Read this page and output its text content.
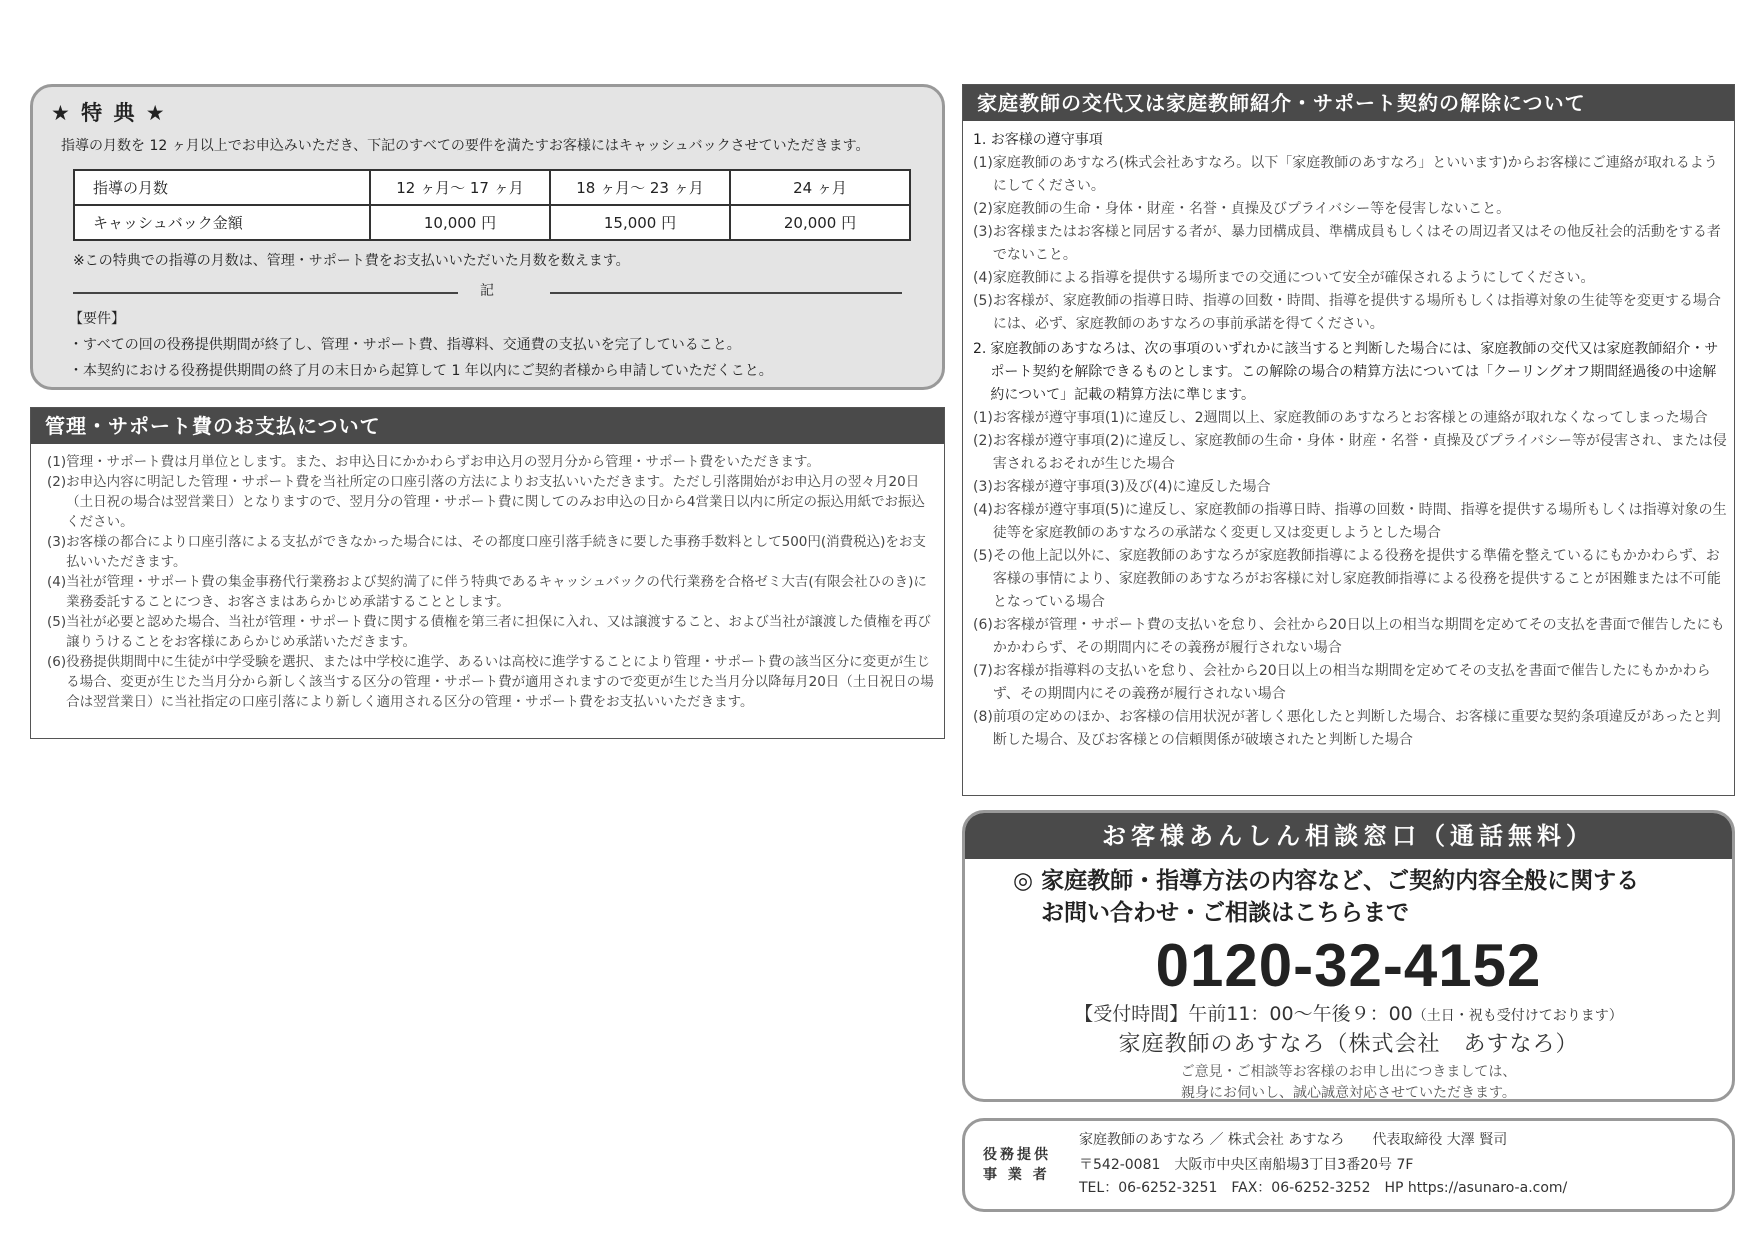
★ 特 典 ★
指導の月数を 12 ヶ月以上でお申込みいただき、下記のすべての要件を満たすお客様にはキャッシュバックさせていただきます。
指導の月数	12 ヶ月〜 17 ヶ月	18 ヶ月〜 23 ヶ月	24 ヶ月
キャッシュバック金額	10,000 円	15,000 円	20,000 円
※この特典での指導の月数は、管理・サポート費をお支払いいただいた月数を数えます。
記
【要件】
・すべての回の役務提供期間が終了し、管理・サポート費、指導料、交通費の支払いを完了していること。
・本契約における役務提供期間の終了月の末日から起算して 1 年以内にご契約者様から申請していただくこと。
管理・サポート費のお支払について
(1) 管理・サポート費は月単位とします。また、お申込日にかかわらずお申込月の翌月分から管理・サポート費をいただきます。
(2) お申込内容に明記した管理・サポート費を当社所定の口座引落の方法によりお支払いいただきます。ただし引落開始がお申込月の翌々月20日（土日祝の場合は翌営業日）となりますので、翌月分の管理・サポート費に関してのみお申込の日から4営業日以内に所定の振込用紙でお振込ください。
(3) お客様の都合により口座引落による支払ができなかった場合には、その都度口座引落手続きに要した事務手数料として500円(消費税込)をお支払いいただきます。
(4) 当社が管理・サポート費の集金事務代行業務および契約満了に伴う特典であるキャッシュバックの代行業務を合格ゼミ大吉(有限会社ひのき)に業務委託することにつき、お客さまはあらかじめ承諾することとします。
(5) 当社が必要と認めた場合、当社が管理・サポート費に関する債権を第三者に担保に入れ、又は譲渡すること、および当社が譲渡した債権を再び譲りうけることをお客様にあらかじめ承諾いただきます。
(6) 役務提供期間中に生徒が中学受験を選択、または中学校に進学、あるいは高校に進学することにより管理・サポート費の該当区分に変更が生じる場合、変更が生じた当月分から新しく該当する区分の管理・サポート費が適用されますので変更が生じた当月分以降毎月20日（土日祝日の場合は翌営業日）に当社指定の口座引落により新しく適用される区分の管理・サポート費をお支払いいただきます。
家庭教師の交代又は家庭教師紹介・サポート契約の解除について
1. お客様の遵守事項
(1) 家庭教師のあすなろ(株式会社あすなろ。以下「家庭教師のあすなろ」といいます)からお客様にご連絡が取れるようにしてください。
(2) 家庭教師の生命・身体・財産・名誉・貞操及びプライバシー等を侵害しないこと。
(3) お客様またはお客様と同居する者が、暴力団構成員、準構成員もしくはその周辺者又はその他反社会的活動をする者でないこと。
(4) 家庭教師による指導を提供する場所までの交通について安全が確保されるようにしてください。
(5) お客様が、家庭教師の指導日時、指導の回数・時間、指導を提供する場所もしくは指導対象の生徒等を変更する場合には、必ず、家庭教師のあすなろの事前承諾を得てください。
2. 家庭教師のあすなろは、次の事項のいずれかに該当すると判断した場合には、家庭教師の交代又は家庭教師紹介・サポート契約を解除できるものとします。この解除の場合の精算方法については「クーリングオフ期間経過後の中途解約について」記載の精算方法に準じます。
(1) お客様が遵守事項(1)に違反し、2週間以上、家庭教師のあすなろとお客様との連絡が取れなくなってしまった場合
(2) お客様が遵守事項(2)に違反し、家庭教師の生命・身体・財産・名誉・貞操及びプライバシー等が侵害され、または侵害されるおそれが生じた場合
(3) お客様が遵守事項(3)及び(4)に違反した場合
(4) お客様が遵守事項(5)に違反し、家庭教師の指導日時、指導の回数・時間、指導を提供する場所もしくは指導対象の生徒等を家庭教師のあすなろの承諾なく変更し又は変更しようとした場合
(5) その他上記以外に、家庭教師のあすなろが家庭教師指導による役務を提供する準備を整えているにもかかわらず、お客様の事情により、家庭教師のあすなろがお客様に対し家庭教師指導による役務を提供することが困難または不可能となっている場合
(6) お客様が管理・サポート費の支払いを怠り、会社から20日以上の相当な期間を定めてその支払を書面で催告したにもかかわらず、その期間内にその義務が履行されない場合
(7) お客様が指導料の支払いを怠り、会社から20日以上の相当な期間を定めてその支払を書面で催告したにもかかわらず、その期間内にその義務が履行されない場合
(8) 前項の定めのほか、お客様の信用状況が著しく悪化したと判断した場合、お客様に重要な契約条項違反があったと判断した場合、及びお客様との信頼関係が破壊されたと判断した場合
お客様あんしん相談窓口（通話無料）
◎ 家庭教師・指導方法の内容など、ご契約内容全般に関する
お問い合わせ・ご相談はこちらまで
0120-32-4152
【受付時間】午前11：00〜午後９：00（土日・祝も受付けております）
家庭教師のあすなろ（株式会社　あすなろ）
ご意見・ご相談等お客様のお申し出につきましては、
親身にお伺いし、誠心誠意対応させていただきます。
役務提供
事 業 者
家庭教師のあすなろ ／ 株式会社 あすなろ　　代表取締役 大澤 賢司
〒542-0081　大阪市中央区南船場3丁目3番20号 7F
TEL：06-6252-3251　FAX：06-6252-3252　HP https://asunaro-a.com/
